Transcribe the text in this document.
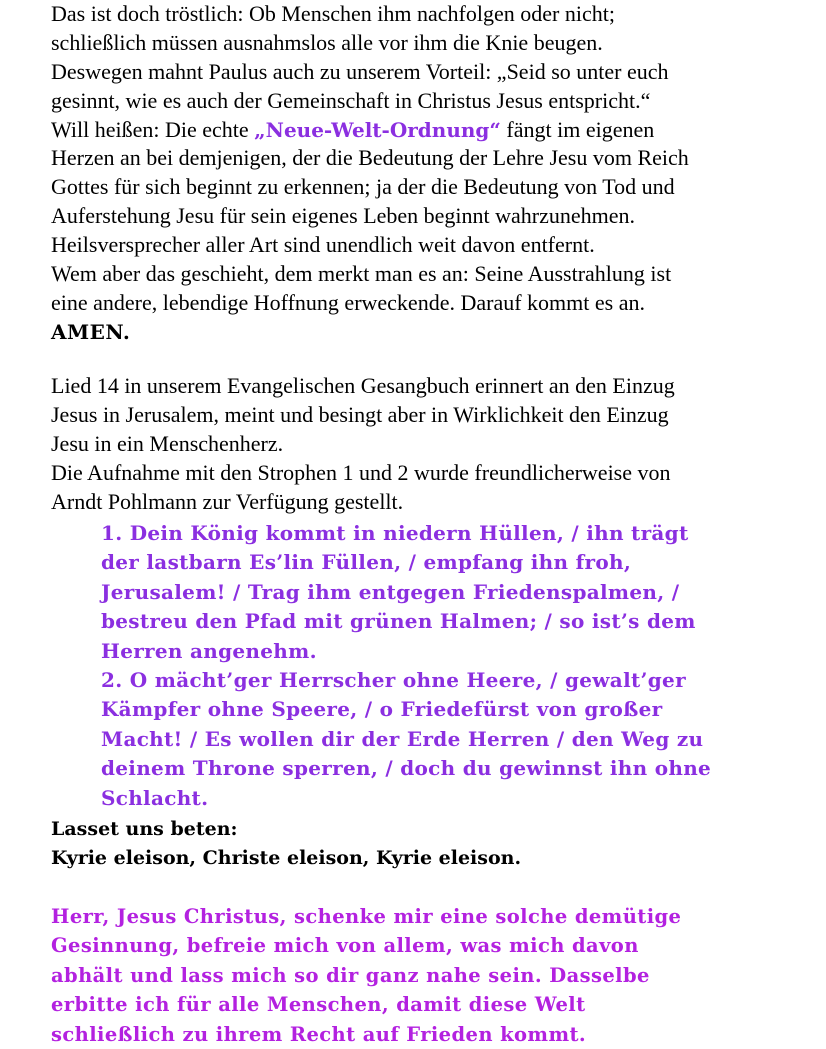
Das ist doch tröstlich: Ob Menschen ihm nachfolgen oder nicht;
schließlich müssen ausnahmslos alle vor ihm die Knie beugen.
Deswegen mahnt Paulus auch zu unserem Vorteil: „Seid so unter euch
gesinnt, wie es auch der Gemeinschaft in Christus Jesus entspricht.“
Will heißen: Die echte „Neue-Welt-Ordnung“ fängt im eigenen
Herzen an bei demjenigen, der die Bedeutung der Lehre Jesu vom Reich
Gottes für sich beginnt zu erkennen; ja der die Bedeutung von Tod und
Auferstehung Jesu für sein eigenes Leben beginnt wahrzunehmen.
Heilsversprecher aller Art sind unendlich weit davon entfernt.
Wem aber das geschieht, dem merkt man es an: Seine Ausstrahlung ist
eine andere, lebendige Hoffnung erweckende. Darauf kommt es an.
AMEN.
Lied 14 in unserem Evangelischen Gesangbuch erinnert an den Einzug
Jesus in Jerusalem, meint und besingt aber in Wirklichkeit den Einzug
Jesu in ein Menschenherz.
Die Aufnahme mit den Strophen 1 und 2 wurde freundlicherweise von
Arndt Pohlmann zur Verfügung gestellt.
1. Dein König kommt in niedern Hüllen, / ihn trägt
der lastbarn Es’lin Füllen, / empfang ihn froh,
Jerusalem! / Trag ihm entgegen Friedenspalmen, /
bestreu den Pfad mit grünen Halmen; / so ist’s dem
Herren angenehm.
2. O mächt’ger Herrscher ohne Heere, / gewalt’ger
Kämpfer ohne Speere, / o Friedefürst von großer
Macht! / Es wollen dir der Erde Herren / den Weg zu
deinem Throne sperren, / doch du gewinnst ihn ohne
Schlacht.
Lasset uns beten:
Kyrie eleison, Christe eleison, Kyrie eleison.
Herr, Jesus Christus, schenke mir eine solche demütige
Gesinnung, befreie mich von allem, was mich davon
abhält und lass mich so dir ganz nahe sein. Dasselbe
erbitte ich für alle Menschen, damit diese Welt
schließlich zu ihrem Recht auf Frieden kommt.
